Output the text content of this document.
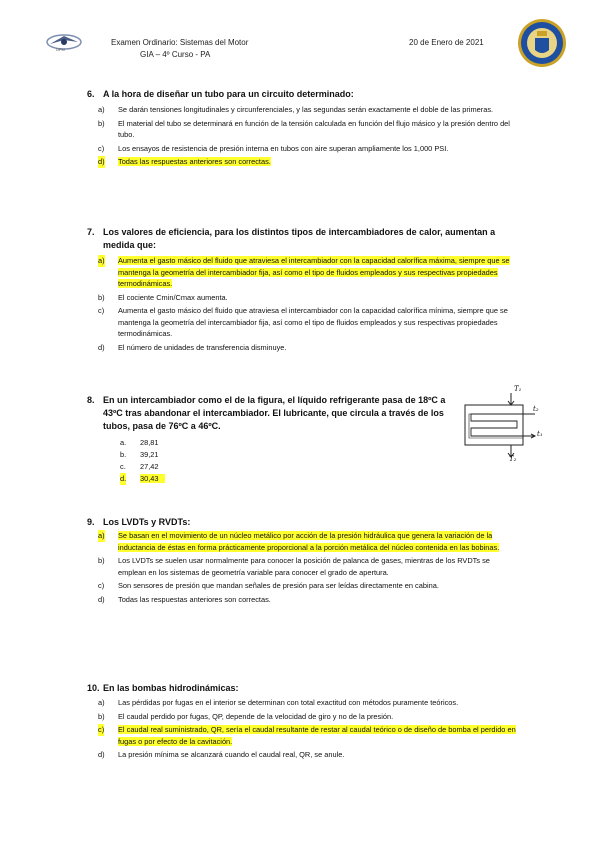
UPM
Examen Ordinario: Sistemas del Motor
GIA – 4º Curso - PA
20 de Enero de 2021
6. A la hora de diseñar un tubo para un circuito determinado:
a) Se darán tensiones longitudinales y circunferenciales, y las segundas serán exactamente el doble de las primeras.
b) El material del tubo se determinará en función de la tensión calculada en función del flujo másico y la presión dentro del tubo.
c) Los ensayos de resistencia de presión interna en tubos con aire superan ampliamente los 1,000 PSI.
d) Todas las respuestas anteriores son correctas.
7. Los valores de eficiencia, para los distintos tipos de intercambiadores de calor, aumentan a medida que:
a) Aumenta el gasto másico del fluido que atraviesa el intercambiador con la capacidad calorífica máxima, siempre que se mantenga la geometría del intercambiador fija, así como el tipo de fluidos empleados y sus respectivas propiedades termodinámicas.
b) El cociente Cmin/Cmax aumenta.
c) Aumenta el gasto másico del fluido que atraviesa el intercambiador con la capacidad calorífica mínima, siempre que se mantenga la geometría del intercambiador fija, así como el tipo de fluidos empleados y sus respectivas propiedades termodinámicas.
d) El número de unidades de transferencia disminuye.
8. En un intercambiador como el de la figura, el líquido refrigerante pasa de 18ºC a 43ºC tras abandonar el intercambiador. El lubricante, que circula a través de los tubos, pasa de 76ºC a 46ºC.
a. 28,81
b. 39,21
c. 27,42
d. 30,43
T₁
t₂
t₁
T₂
9. Los LVDTs y RVDTs:
a) Se basan en el movimiento de un núcleo metálico por acción de la presión hidráulica que genera la variación de la inductancia de éstas en forma prácticamente proporcional a la porción metálica del núcleo contenida en las bobinas.
b) Los LVDTs se suelen usar normalmente para conocer la posición de palanca de gases, mientras de los RVDTs se emplean en los sistemas de geometría variable para conocer el grado de apertura.
c) Son sensores de presión que mandan señales de presión para ser leídas directamente en cabina.
d) Todas las respuestas anteriores son correctas.
10. En las bombas hidrodinámicas:
a) Las pérdidas por fugas en el interior se determinan con total exactitud con métodos puramente teóricos.
b) El caudal perdido por fugas, QP, depende de la velocidad de giro y no de la presión.
c) El caudal real suministrado, QR, sería el caudal resultante de restar al caudal teórico o de diseño de bomba el perdido en fugas o por efecto de la cavitación.
d) La presión mínima se alcanzará cuando el caudal real, QR, se anule.
